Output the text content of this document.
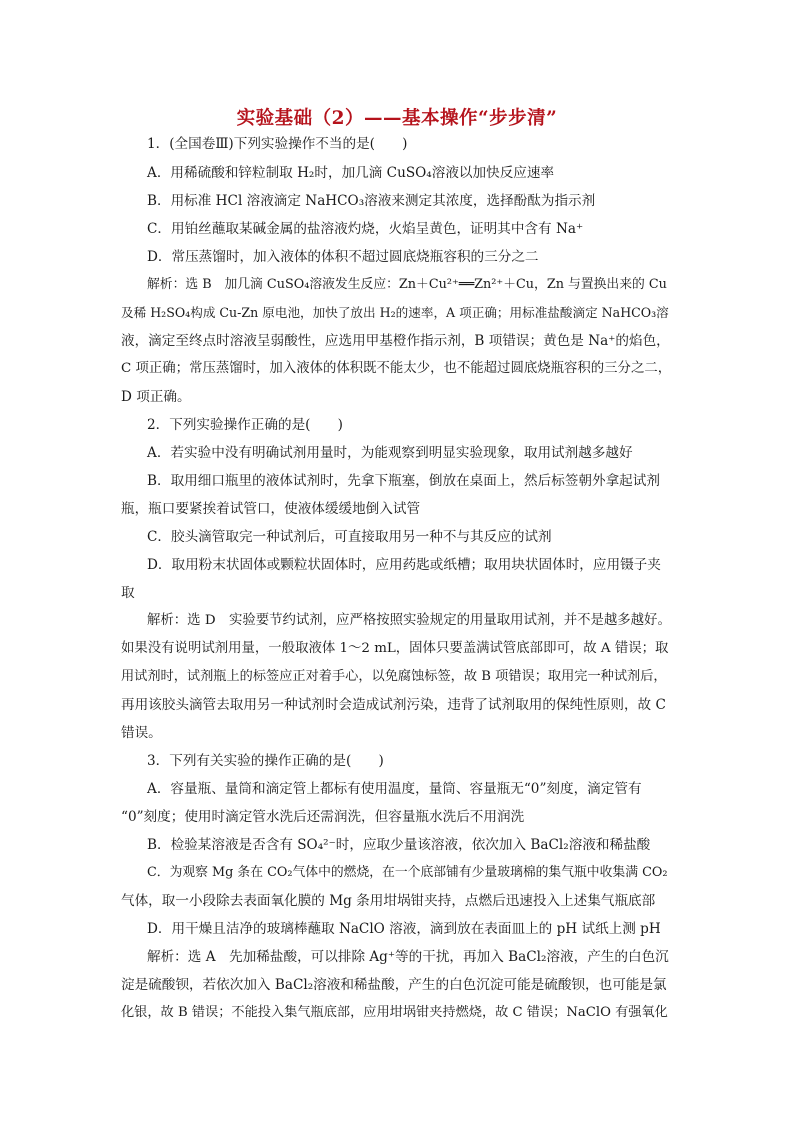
实验基础（2）——基本操作“步步清”
1．(全国卷Ⅲ)下列实验操作不当的是(　　)
A．用稀硫酸和锌粒制取 H₂时，加几滴 CuSO₄溶液以加快反应速率
B．用标准 HCl 溶液滴定 NaHCO₃溶液来测定其浓度，选择酚酞为指示剂
C．用铂丝蘸取某碱金属的盐溶液灼烧，火焰呈黄色，证明其中含有 Na⁺
D．常压蒸馏时，加入液体的体积不超过圆底烧瓶容积的三分之二
解析：选 B　加几滴 CuSO₄溶液发生反应：Zn＋Cu²⁺══Zn²⁺＋Cu，Zn 与置换出来的 Cu
及稀 H₂SO₄构成 Cu-Zn 原电池，加快了放出 H₂的速率，A 项正确；用标准盐酸滴定 NaHCO₃溶
液，滴定至终点时溶液呈弱酸性，应选用甲基橙作指示剂，B 项错误；黄色是 Na⁺的焰色，
C 项正确；常压蒸馏时，加入液体的体积既不能太少，也不能超过圆底烧瓶容积的三分之二，
D 项正确。
2．下列实验操作正确的是(　　)
A．若实验中没有明确试剂用量时，为能观察到明显实验现象，取用试剂越多越好
B．取用细口瓶里的液体试剂时，先拿下瓶塞，倒放在桌面上，然后标签朝外拿起试剂
瓶，瓶口要紧挨着试管口，使液体缓缓地倒入试管
C．胶头滴管取完一种试剂后，可直接取用另一种不与其反应的试剂
D．取用粉末状固体或颗粒状固体时，应用药匙或纸槽；取用块状固体时，应用镊子夹
取
解析：选 D　实验要节约试剂，应严格按照实验规定的用量取用试剂，并不是越多越好。
如果没有说明试剂用量，一般取液体 1～2 mL，固体只要盖满试管底部即可，故 A 错误；取
用试剂时，试剂瓶上的标签应正对着手心，以免腐蚀标签，故 B 项错误；取用完一种试剂后，
再用该胶头滴管去取用另一种试剂时会造成试剂污染，违背了试剂取用的保纯性原则，故 C
错误。
3．下列有关实验的操作正确的是(　　)
A．容量瓶、量筒和滴定管上都标有使用温度，量筒、容量瓶无“0”刻度，滴定管有
“0”刻度；使用时滴定管水洗后还需润洗，但容量瓶水洗后不用润洗
B．检验某溶液是否含有 SO₄²⁻时，应取少量该溶液，依次加入 BaCl₂溶液和稀盐酸
C．为观察 Mg 条在 CO₂气体中的燃烧，在一个底部铺有少量玻璃棉的集气瓶中收集满 CO₂
气体，取一小段除去表面氧化膜的 Mg 条用坩埚钳夹持，点燃后迅速投入上述集气瓶底部
D．用干燥且洁净的玻璃棒蘸取 NaClO 溶液，滴到放在表面皿上的 pH 试纸上测 pH
解析：选 A　先加稀盐酸，可以排除 Ag⁺等的干扰，再加入 BaCl₂溶液，产生的白色沉
淀是硫酸钡，若依次加入 BaCl₂溶液和稀盐酸，产生的白色沉淀可能是硫酸钡，也可能是氯
化银，故 B 错误；不能投入集气瓶底部，应用坩埚钳夹持燃烧，故 C 错误；NaClO 有强氧化
